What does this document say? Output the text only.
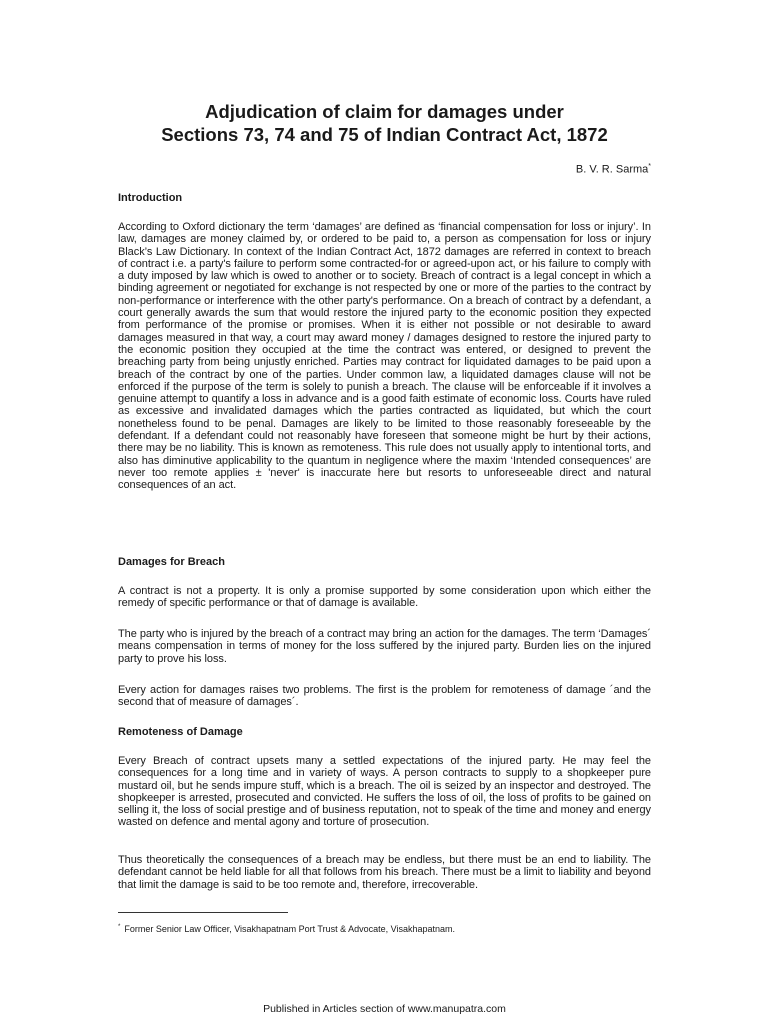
Adjudication of claim for damages under
Sections 73, 74 and 75 of Indian Contract Act, 1872
B. V. R. Sarma*
Introduction

According to Oxford dictionary the term ‘damages’ are defined as ‘financial compensation for loss or injury’. In law, damages are money claimed by, or ordered to be paid to, a person as compensation for loss or injury Black’s Law Dictionary. In context of the Indian Contract Act, 1872 damages are referred in context to breach of contract i.e. a party's failure to perform some contracted-for or agreed-upon act, or his failure to comply with a duty imposed by law which is owed to another or to society. Breach of contract is a legal concept in which a binding agreement or negotiated for exchange is not respected by one or more of the parties to the contract by non-performance or interference with the other party's performance. On a breach of contract by a defendant, a court generally awards the sum that would restore the injured party to the economic position they expected from performance of the promise or promises. When it is either not possible or not desirable to award damages measured in that way, a court may award money / damages designed to restore the injured party to the economic position they occupied at the time the contract was entered, or designed to prevent the breaching party from being unjustly enriched. Parties may contract for liquidated damages to be paid upon a breach of the contract by one of the parties. Under common law, a liquidated damages clause will not be enforced if the purpose of the term is solely to punish a breach. The clause will be enforceable if it involves a genuine attempt to quantify a loss in advance and is a good faith estimate of economic loss. Courts have ruled as excessive and invalidated damages which the parties contracted as liquidated, but which the court nonetheless found to be penal. Damages are likely to be limited to those reasonably foreseeable by the defendant. If a defendant could not reasonably have foreseen that someone might be hurt by their actions, there may be no liability. This is known as remoteness. This rule does not usually apply to intentional torts, and also has diminutive applicability to the quantum in negligence where the maxim ‘Intended consequences’ are never too remote applies ± 'never' is inaccurate here but resorts to unforeseeable direct and natural consequences of an act.

Damages for Breach

A contract is not a property. It is only a promise supported by some consideration upon which either the remedy of specific performance or that of damage is available.

The party who is injured by the breach of a contract may bring an action for the damages. The term ‘Damages´ means compensation in terms of money for the loss suffered by the injured party. Burden lies on the injured party to prove his loss.

Every action for damages raises two problems. The first is the problem for remoteness of damage ´and the second that of measure of damages´.

Remoteness of Damage

Every Breach of contract upsets many a settled expectations of the injured party. He may feel the consequences for a long time and in variety of ways. A person contracts to supply to a shopkeeper pure mustard oil, but he sends impure stuff, which is a breach. The oil is seized by an inspector and destroyed. The shopkeeper is arrested, prosecuted and convicted. He suffers the loss of oil, the loss of profits to be gained on selling it, the loss of social prestige and of business reputation, not to speak of the time and money and energy wasted on defence and mental agony and torture of prosecution.

Thus theoretically the consequences of a breach may be endless, but there must be an end to liability. The defendant cannot be held liable for all that follows from his breach. There must be a limit to liability and beyond that limit the damage is said to be too remote and, therefore, irrecoverable.

* Former Senior Law Officer, Visakhapatnam Port Trust & Advocate, Visakhapatnam.
Published in Articles section of www.manupatra.com
